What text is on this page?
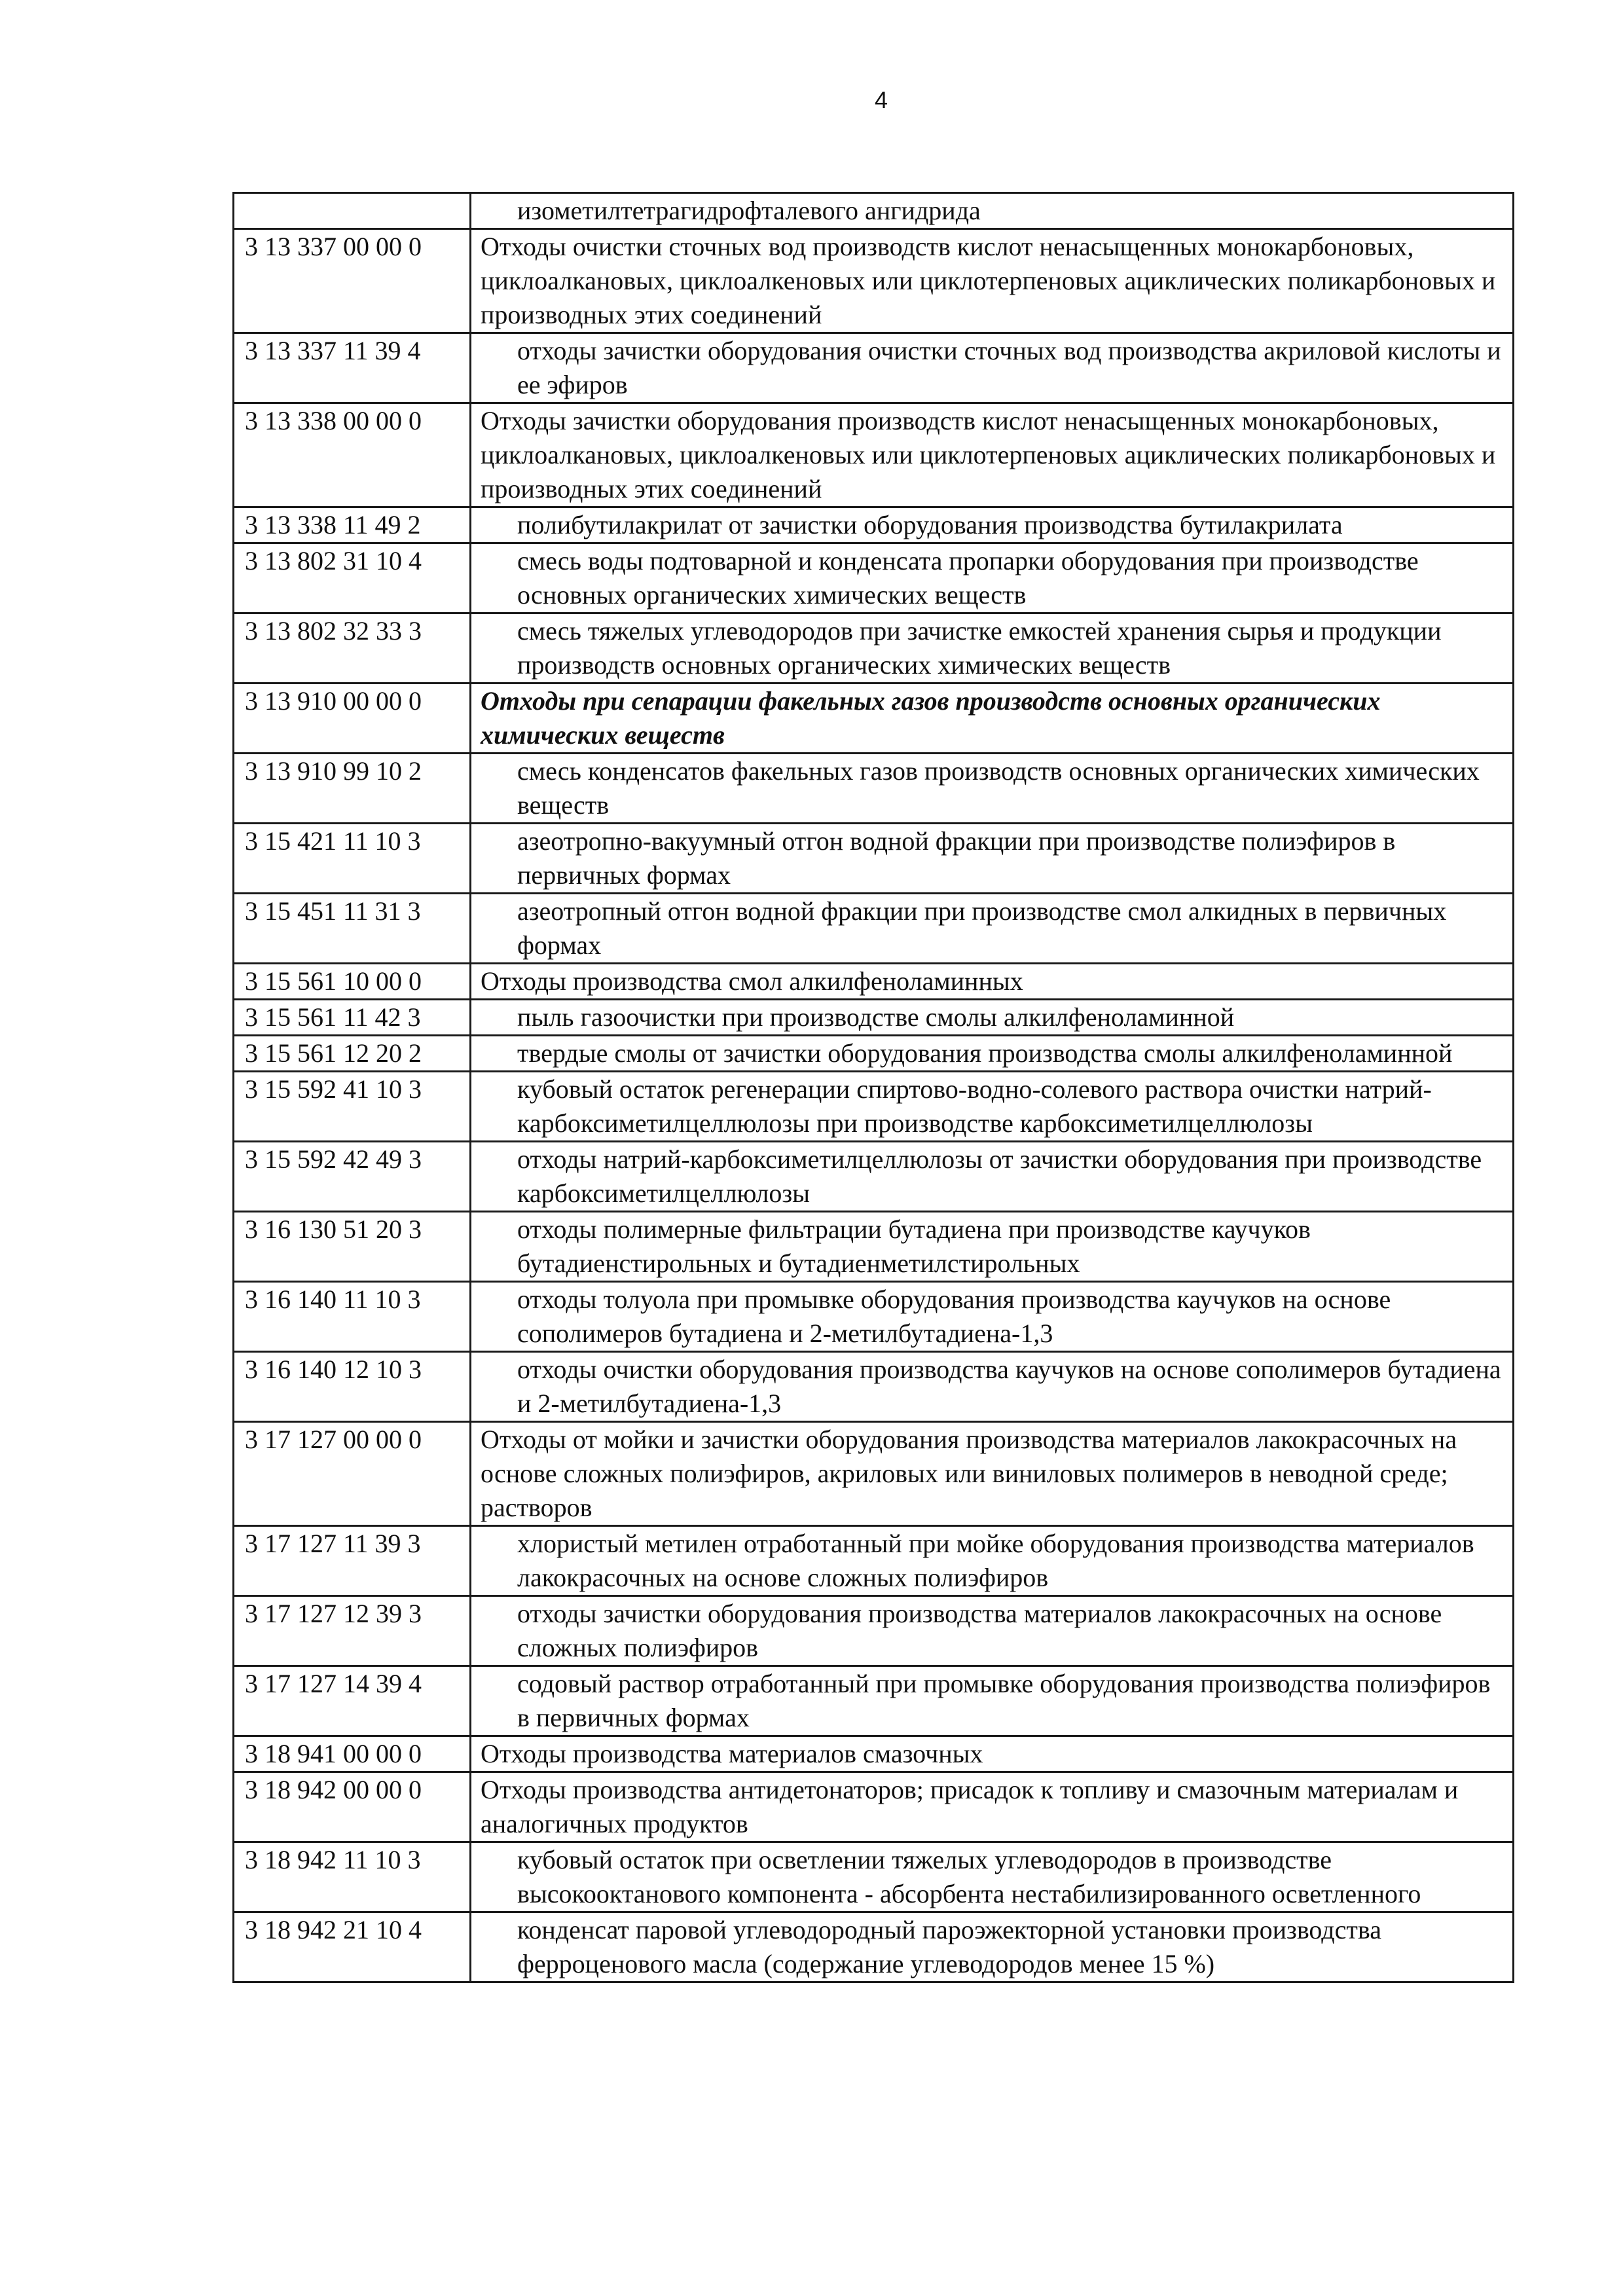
4
	изометилтетрагидрофталевого ангидрида
3 13 337 00 00 0	Отходы очистки сточных вод производств кислот ненасыщенных монокарбоновых, циклоалкановых, циклоалкеновых или циклотерпеновых ациклических поликарбоновых и производных этих соединений
3 13 337 11 39 4	отходы зачистки оборудования очистки сточных вод производства акриловой кислоты и ее эфиров
3 13 338 00 00 0	Отходы зачистки оборудования производств кислот ненасыщенных монокарбоновых, циклоалкановых, циклоалкеновых или циклотерпеновых ациклических поликарбоновых и производных этих соединений
3 13 338 11 49 2	полибутилакрилат от зачистки оборудования производства бутилакрилата
3 13 802 31 10 4	смесь воды подтоварной и конденсата пропарки оборудования при производстве основных органических химических веществ
3 13 802 32 33 3	смесь тяжелых углеводородов при зачистке емкостей хранения сырья и продукции производств основных органических химических веществ
3 13 910 00 00 0	Отходы при сепарации факельных газов производств основных органических химических веществ
3 13 910 99 10 2	смесь конденсатов факельных газов производств основных органических химических веществ
3 15 421 11 10 3	азеотропно-вакуумный отгон водной фракции при производстве полиэфиров в первичных формах
3 15 451 11 31 3	азеотропный отгон водной фракции при производстве смол алкидных в первичных формах
3 15 561 10 00 0	Отходы производства смол алкилфеноламинных
3 15 561 11 42 3	пыль газоочистки при производстве смолы алкилфеноламинной
3 15 561 12 20 2	твердые смолы от зачистки оборудования производства смолы алкилфеноламинной
3 15 592 41 10 3	кубовый остаток регенерации спиртово-водно-солевого раствора очистки натрий-карбоксиметилцеллюлозы при производстве карбоксиметилцеллюлозы
3 15 592 42 49 3	отходы натрий-карбоксиметилцеллюлозы от зачистки оборудования при производстве карбоксиметилцеллюлозы
3 16 130 51 20 3	отходы полимерные фильтрации бутадиена при производстве каучуков бутадиенстирольных и бутадиенметилстирольных
3 16 140 11 10 3	отходы толуола при промывке оборудования производства каучуков на основе сополимеров бутадиена и 2-метилбутадиена-1,3
3 16 140 12 10 3	отходы очистки оборудования производства каучуков на основе сополимеров бутадиена и 2-метилбутадиена-1,3
3 17 127 00 00 0	Отходы от мойки и зачистки оборудования производства материалов лакокрасочных на основе сложных полиэфиров, акриловых или виниловых полимеров в неводной среде; растворов
3 17 127 11 39 3	хлористый метилен отработанный при мойке оборудования производства материалов лакокрасочных на основе сложных полиэфиров
3 17 127 12 39 3	отходы зачистки оборудования производства материалов лакокрасочных на основе сложных полиэфиров
3 17 127 14 39 4	содовый раствор отработанный при промывке оборудования производства полиэфиров в первичных формах
3 18 941 00 00 0	Отходы производства материалов смазочных
3 18 942 00 00 0	Отходы производства антидетонаторов; присадок к топливу и смазочным материалам и аналогичных продуктов
3 18 942 11 10 3	кубовый остаток при осветлении тяжелых углеводородов в производстве высокооктанового компонента - абсорбента нестабилизированного осветленного
3 18 942 21 10 4	конденсат паровой углеводородный пароэжекторной установки производства ферроценового масла (содержание углеводородов менее 15 %)
